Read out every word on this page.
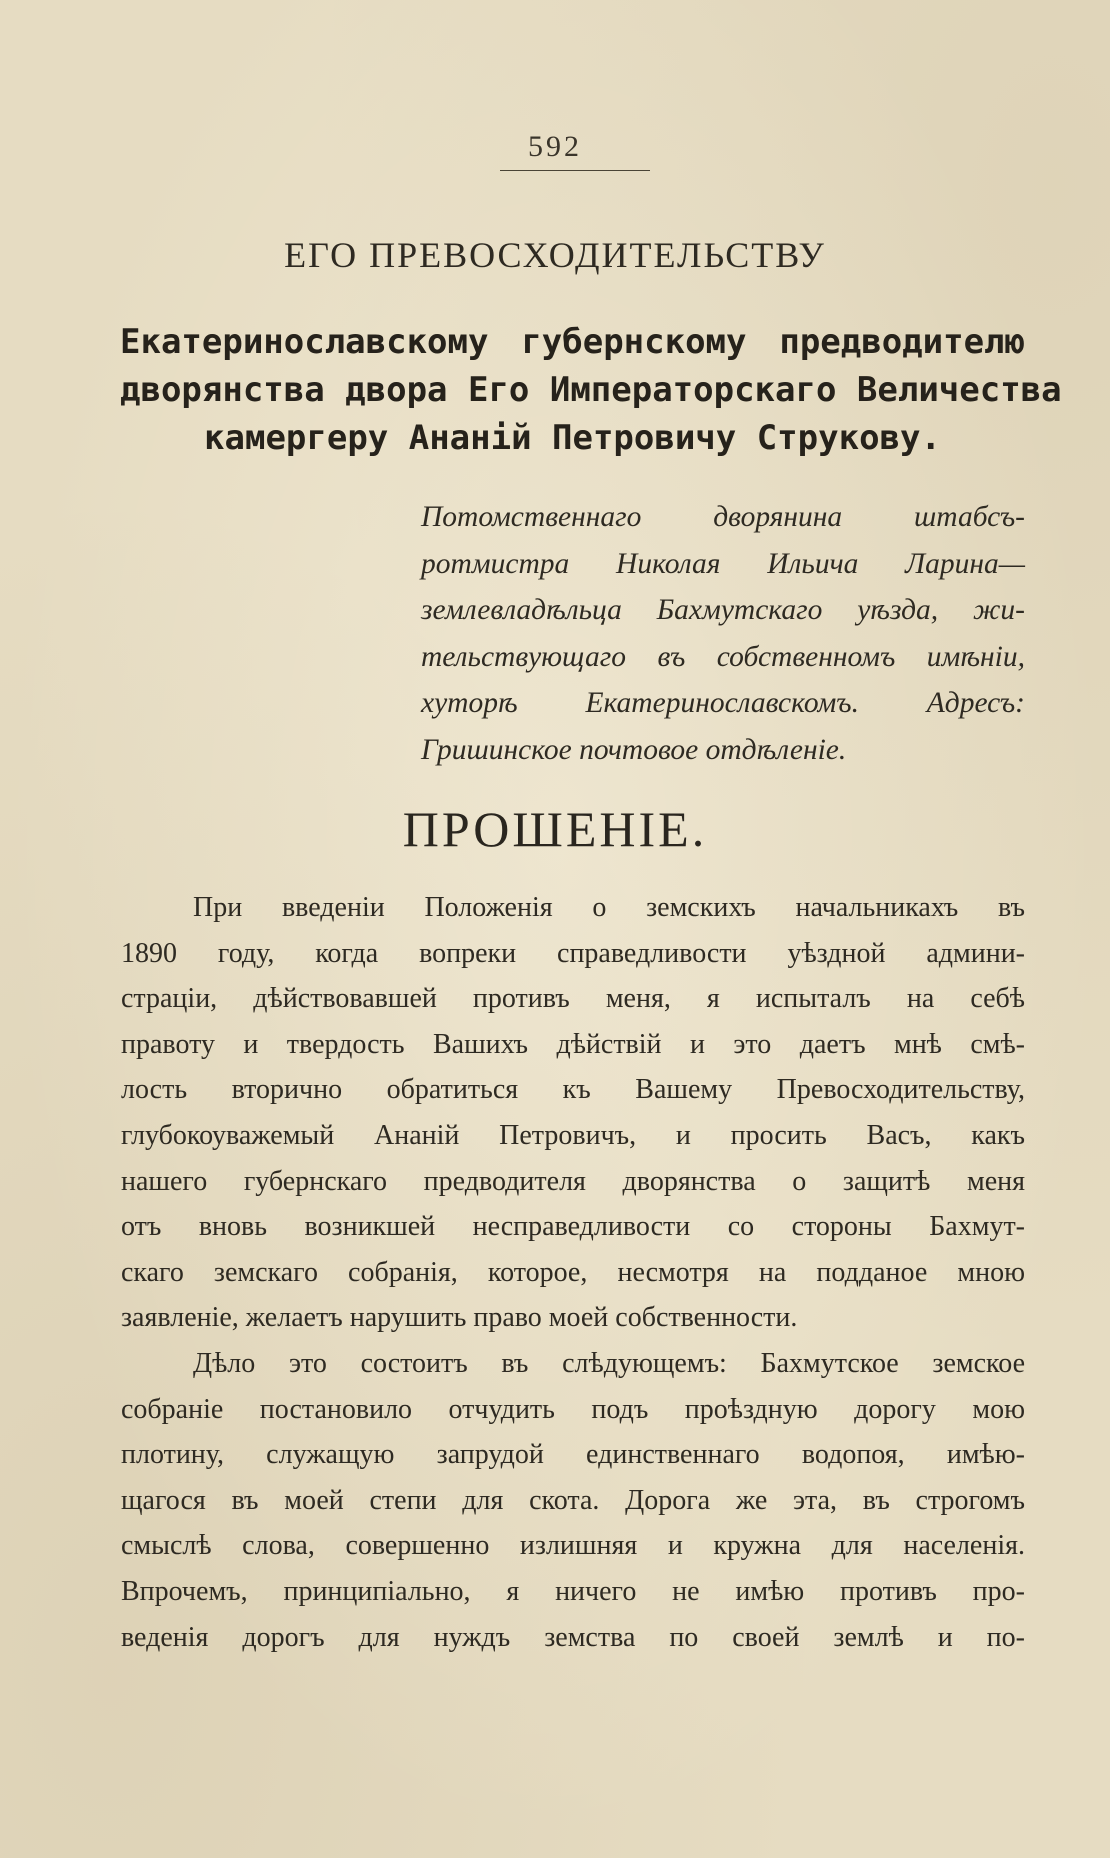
592
ЕГО ПРЕВОСХОДИТЕЛЬСТВУ
Екатеринославскому губернскому предводителю
дворянства двора Его Императорскаго Величества
камергеру Ананiй Петровичу Струкову.
Потомственнаго дворянина штабсъ-
ротмистра Николая Ильича Ларина—
землевладѣльца Бахмутскаго уѣзда, жи-
тельствующаго въ собственномъ имѣнiи,
хуторѣ Екатеринославскомъ. Адресъ:
Гришинское почтовое отдѣленiе.
ПРОШЕНIЕ.
При введенiи Положенiя о земскихъ начальникахъ въ
1890 году, когда вопреки справедливости уѣздной админи-
страцiи, дѣйствовавшей противъ меня, я испыталъ на себѣ
правоту и твердость Вашихъ дѣйствiй и это даетъ мнѣ смѣ-
лость вторично обратиться къ Вашему Превосходительству,
глубокоуважемый Ананiй Петровичъ, и просить Васъ, какъ
нашего губернскаго предводителя дворянства о защитѣ меня
отъ вновь возникшей несправедливости со стороны Бахмут-
скаго земскаго собранiя, которое, несмотря на подданое мною
заявленiе, желаетъ нарушить право моей собственности.
Дѣло это состоитъ въ слѣдующемъ: Бахмутское земское
собранiе постановило отчудить подъ проѣздную дорогу мою
плотину, служащую запрудой единственнаго водопоя, имѣю-
щагося въ моей степи для скота. Дорога же эта, въ строгомъ
смыслѣ слова, совершенно излишняя и кружна для населенiя.
Впрочемъ, принципiально, я ничего не имѣю противъ про-
веденiя дорогъ для нуждъ земства по своей землѣ и по-
